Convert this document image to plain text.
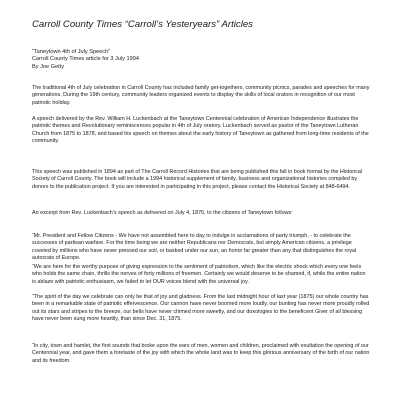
Carroll County Times “Carroll’s Yesteryears” Articles
“Taneytown 4th of July Speech”
Carroll County Times article for 3 July 1994
By Joe Getty

The traditional 4th of July celebration in Carroll County has included family get-togethers, community picnics, parades and speeches for many generations. During the 19th century, community leaders organized events to display the skills of local orators in recognition of our most patriotic holiday.

A speech delivered by the Rev. William H. Luckenbach at the Taneytown Centennial celebration of American Independence illustrates the patriotic themes and Revolutionary reminiscences popular in 4th of July oratory. Luckenbach served as pastor of the Taneytown Lutheran Church from 1875 to 1878, and based his speech on themes about the early history of Taneytown as gathered from long-time residents of the community.

This speech was published in 1894 as part of The Carroll Record Histories that are being published this fall in book format by the Historical Society of Carroll County. The book will include a 1994 historical supplement of family, business and organizational histories compiled by donors to the publication project. If you are interested in participating in this project, please contact the Historical Society at 848-6494.

An excerpt from Rev. Luckenbach’s speech as delivered on July 4, 1876, to the citizens of Taneytown follows:

“Mr. President and Fellow Citizens - We have not assembled here to day to indulge in acclamations of party triumph, - to celebrate the successes of partisan warfare. For the time being we are neither Republicans nor Democrats, but simply American citizens, a privilege coveted by millions who have never pressed our soil, or basked under our sun, an honor far greater than any that distinguishes the royal autocrats of Europe.

“We are here for the worthy purpose of giving expression to the sentiment of patriotism, which like the electric shock which every one feels who holds the same chain, thrills the nerves of forty millions of freemen. Certainly we would deserve to be shamed, if, while the entire nation is ablaze with patriotic enthusiasm, we failed to let OUR voices blend with the universal joy.

“The spirit of the day we celebrate can only be that of joy and gladness. From the last midnight hour of last year (1875) our whole country has been in a remarkable state of patriotic effervescence. Our cannon have never boomed more loudly, our bunting has never more proudly rolled out its stars and stripes to the breeze, our bells have never chimed more sweetly, and our doxologies to the beneficent Giver of all blessing have never been sung more heartily, than since Dec. 31, 1875.

“In city, town and hamlet, the first sounds that broke upon the ears of men, women and children, proclaimed with exultation the opening of our Centennial year, and gave them a foretaste of the joy with which the whole land was to keep this glorious anniversary of the birth of our nation and its freedom.
